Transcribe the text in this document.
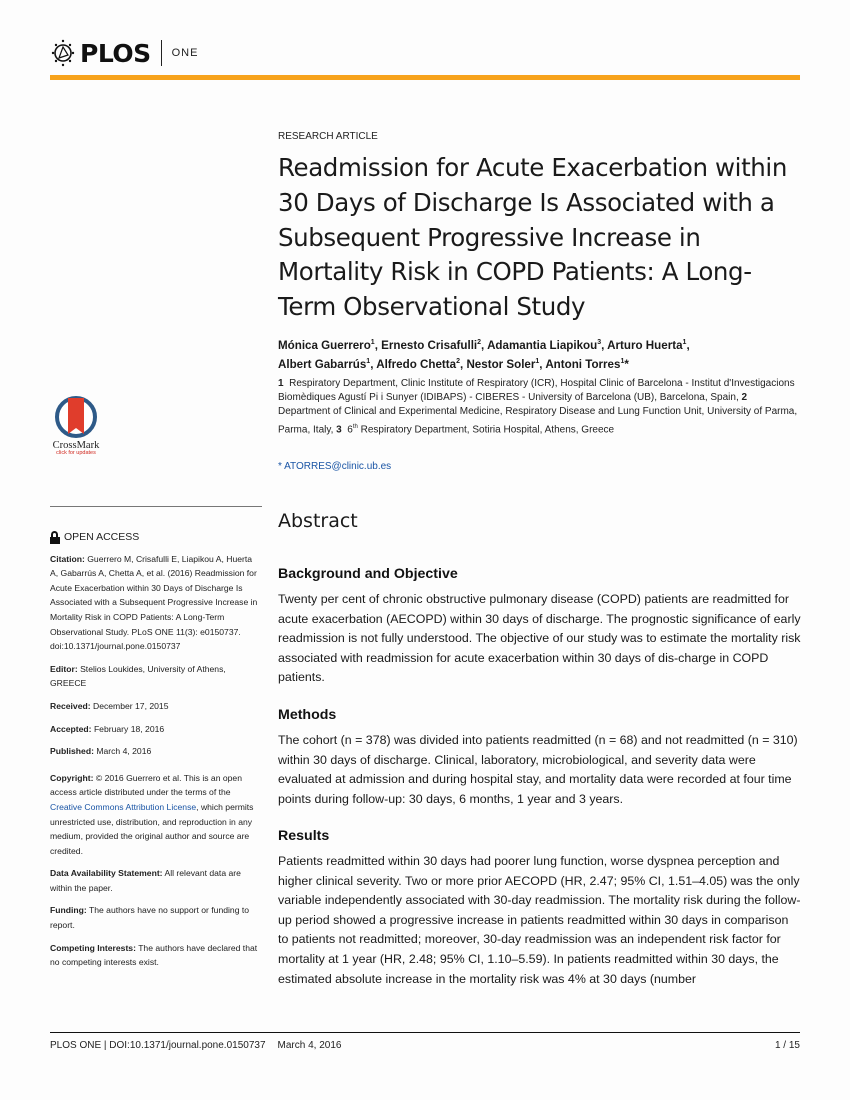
PLOS ONE
CrossMark
click for updates
OPEN ACCESS
Citation: Guerrero M, Crisafulli E, Liapikou A, Huerta A, Gabarrús A, Chetta A, et al. (2016) Readmission for Acute Exacerbation within 30 Days of Discharge Is Associated with a Subsequent Progressive Increase in Mortality Risk in COPD Patients: A Long-Term Observational Study. PLoS ONE 11(3): e0150737. doi:10.1371/journal.pone.0150737
Editor: Stelios Loukides, University of Athens, GREECE
Received: December 17, 2015
Accepted: February 18, 2016
Published: March 4, 2016
Copyright: © 2016 Guerrero et al. This is an open access article distributed under the terms of the Creative Commons Attribution License, which permits unrestricted use, distribution, and reproduction in any medium, provided the original author and source are credited.
Data Availability Statement: All relevant data are within the paper.
Funding: The authors have no support or funding to report.
Competing Interests: The authors have declared that no competing interests exist.
RESEARCH ARTICLE
Readmission for Acute Exacerbation within 30 Days of Discharge Is Associated with a Subsequent Progressive Increase in Mortality Risk in COPD Patients: A Long-Term Observational Study
Mónica Guerrero$^1$, Ernesto Crisafulli$^2$, Adamantia Liapikou$^3$, Arturo Huerta$^1$,
Albert Gabarrús$^1$, Alfredo Chetta$^2$, Nestor Soler$^1$, Antoni Torres$^1$*
1 Respiratory Department, Clinic Institute of Respiratory (ICR), Hospital Clinic of Barcelona - Institut d'Investigacions Biomèdiques Agustí Pi i Sunyer (IDIBAPS) - CIBERES - University of Barcelona (UB), Barcelona, Spain, 2  Department of Clinical and Experimental Medicine, Respiratory Disease and Lung Function Unit, University of Parma, Parma, Italy, 3 6th Respiratory Department, Sotiria Hospital, Athens, Greece
* ATORRES@clinic.ub.es
Abstract
Background and Objective

Twenty per cent of chronic obstructive pulmonary disease (COPD) patients are readmitted for acute exacerbation (AECOPD) within 30 days of discharge. The prognostic significance of early readmission is not fully understood. The objective of our study was to estimate the mortality risk associated with readmission for acute exacerbation within 30 days of dis-charge in COPD patients.

Methods

The cohort (n = 378) was divided into patients readmitted (n = 68) and not readmitted (n = 310) within 30 days of discharge. Clinical, laboratory, microbiological, and severity data were evaluated at admission and during hospital stay, and mortality data were recorded at four time points during follow-up: 30 days, 6 months, 1 year and 3 years.

Results

Patients readmitted within 30 days had poorer lung function, worse dyspnea perception and higher clinical severity. Two or more prior AECOPD (HR, 2.47; 95% CI, 1.51–4.05) was the only variable independently associated with 30-day readmission. The mortality risk during the follow-up period showed a progressive increase in patients readmitted within 30 days in comparison to patients not readmitted; moreover, 30-day readmission was an independent risk factor for mortality at 1 year (HR, 2.48; 95% CI, 1.10–5.59). In patients readmitted within 30 days, the estimated absolute increase in the mortality risk was 4% at 30 days (number

PLOS ONE | DOI:10.1371/journal.pone.0150737 March 4, 2016	1 / 15
